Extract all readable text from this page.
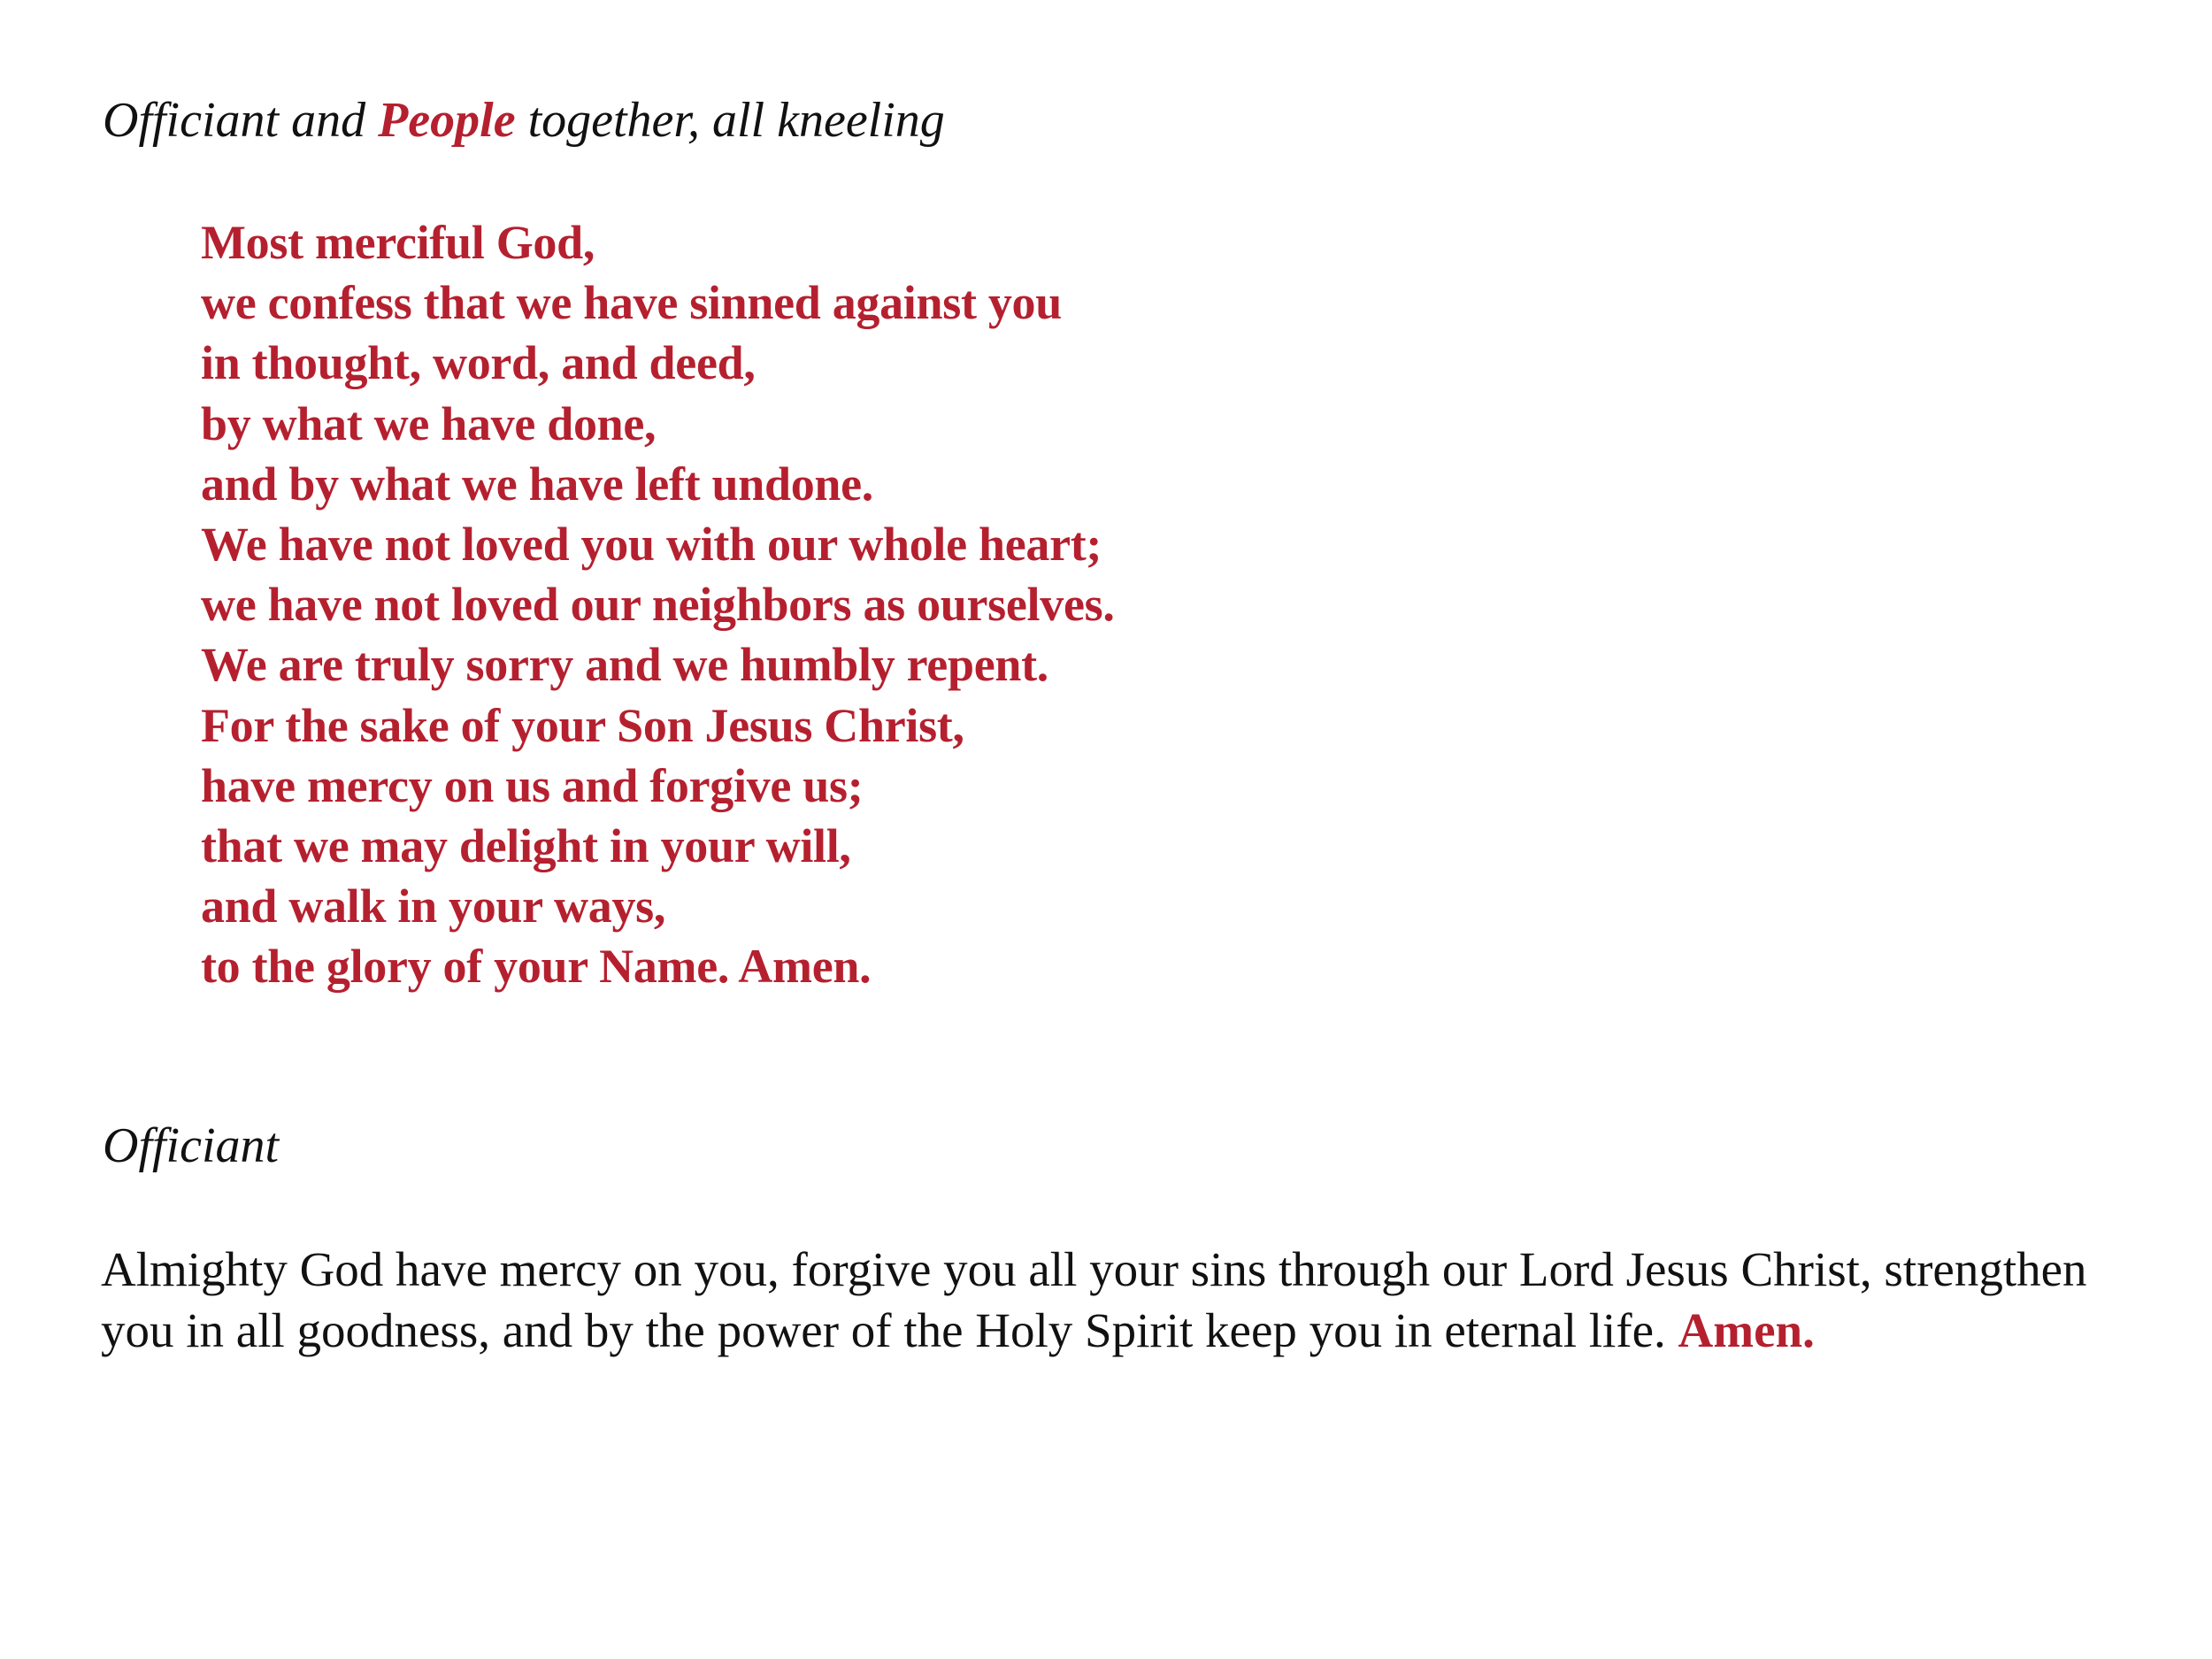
Officiant and People together, all kneeling
Most merciful God,
we confess that we have sinned against you
in thought, word, and deed,
by what we have done,
and by what we have left undone.
We have not loved you with our whole heart;
we have not loved our neighbors as ourselves.
We are truly sorry and we humbly repent.
For the sake of your Son Jesus Christ,
have mercy on us and forgive us;
that we may delight in your will,
and walk in your ways,
to the glory of your Name. Amen.
Officiant
Almighty God have mercy on you, forgive you all your sins through our Lord Jesus Christ, strengthen
you in all goodness, and by the power of the Holy Spirit keep you in eternal life. Amen.
